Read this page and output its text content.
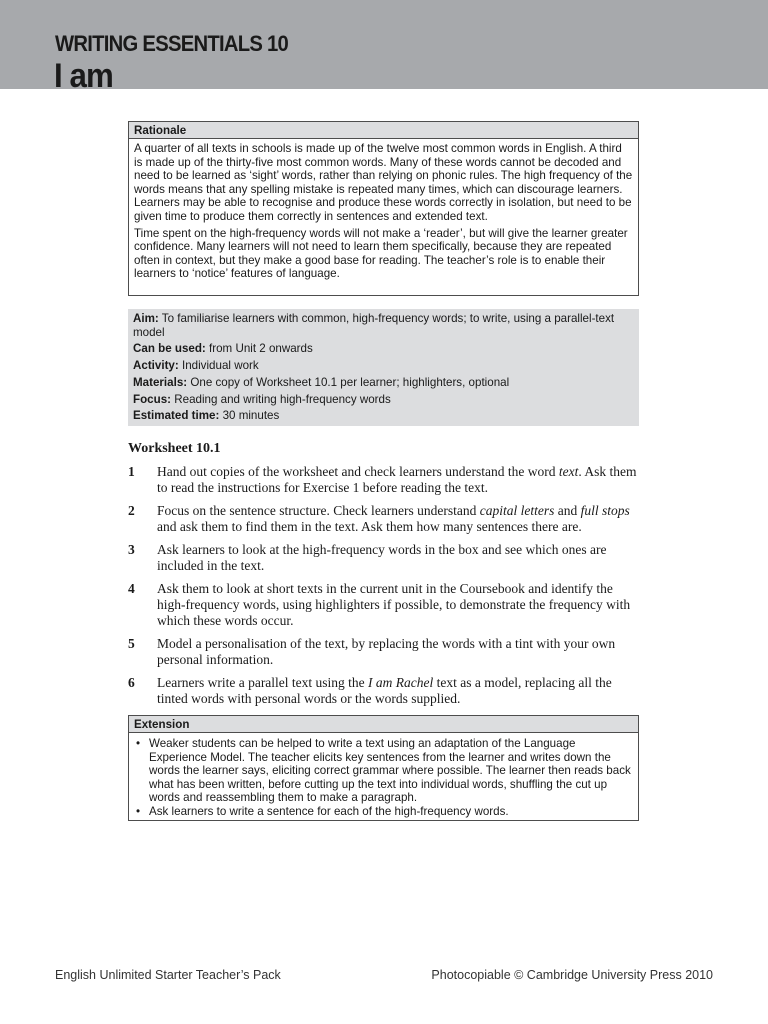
WRITING ESSENTIALS 10
I am
Rationale

A quarter of all texts in schools is made up of the twelve most common words in English. A third is made up of the thirty-five most common words. Many of these words cannot be decoded and need to be learned as ‘sight’ words, rather than relying on phonic rules. The high frequency of the words means that any spelling mistake is repeated many times, which can discourage learners. Learners may be able to recognise and produce these words correctly in isolation, but need to be given time to produce them correctly in sentences and extended text.

Time spent on the high-frequency words will not make a ‘reader’, but will give the learner greater confidence. Many learners will not need to learn them specifically, because they are repeated often in context, but they make a good base for reading. The teacher’s role is to enable their learners to ‘notice’ features of language.

Aim: To familiarise learners with common, high-frequency words; to write, using a parallel-text model
Can be used: from Unit 2 onwards
Activity: Individual work
Materials: One copy of Worksheet 10.1 per learner; highlighters, optional
Focus: Reading and writing high-frequency words
Estimated time: 30 minutes
Worksheet 10.1
1 Hand out copies of the worksheet and check learners understand the word text. Ask them to read the instructions for Exercise 1 before reading the text.
2 Focus on the sentence structure. Check learners understand capital letters and full stops and ask them to find them in the text. Ask them how many sentences there are.
3 Ask learners to look at the high-frequency words in the box and see which ones are included in the text.
4 Ask them to look at short texts in the current unit in the Coursebook and identify the high-frequency words, using highlighters if possible, to demonstrate the frequency with which these words occur.
5 Model a personalisation of the text, by replacing the words with a tint with your own personal information.
6 Learners write a parallel text using the I am Rachel text as a model, replacing all the tinted words with personal words or the words supplied.
Extension
• Weaker students can be helped to write a text using an adaptation of the Language Experience Model. The teacher elicits key sentences from the learner and writes down the words the learner says, eliciting correct grammar where possible. The learner then reads back what has been written, before cutting up the text into individual words, shuffling the cut up words and reassembling them to make a paragraph.
• Ask learners to write a sentence for each of the high-frequency words.
English Unlimited Starter Teacher’s Pack	Photocopiable © Cambridge University Press 2010
